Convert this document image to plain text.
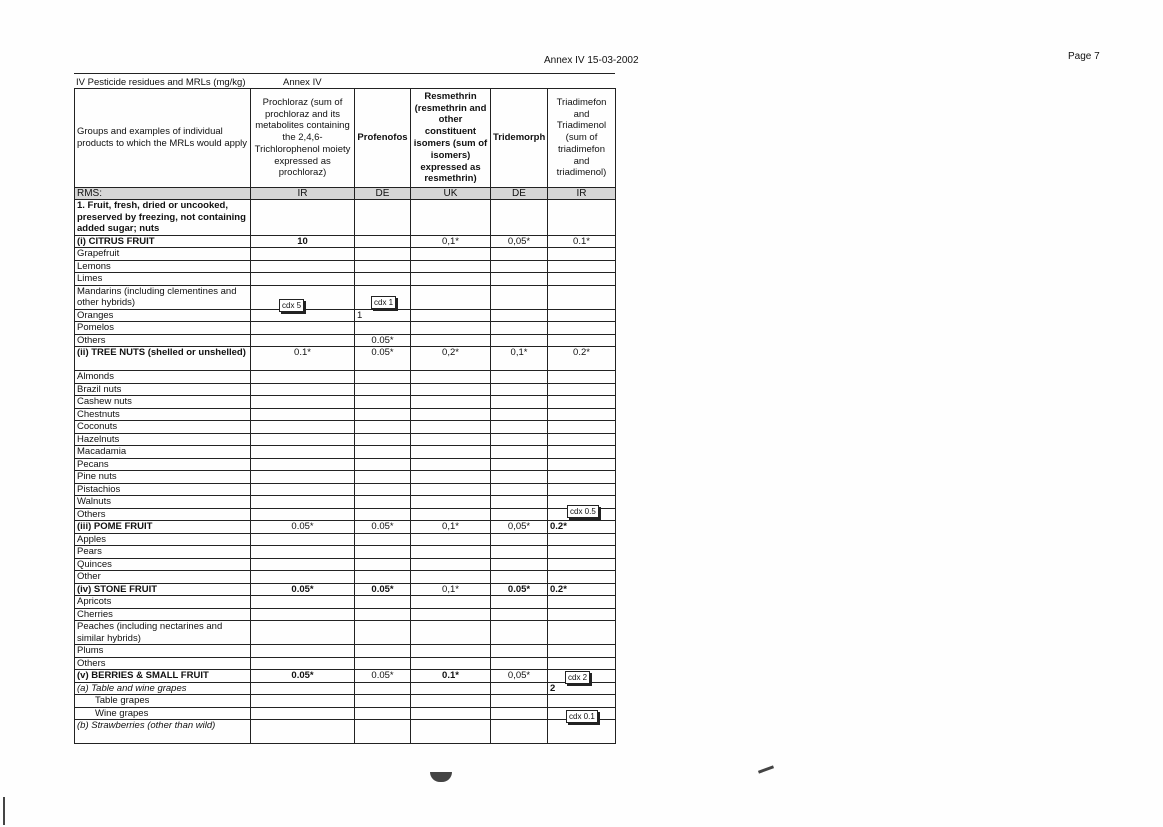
Annex IV 15-03-2002	Page 7
IV Pesticide residues and MRLs (mg/kg)	Annex IV
Groups and examples of individual products to which the MRLs would apply	Prochloraz (sum of prochloraz and its metabolites containing the 2,4,6-Trichlorophenol moiety expressed as prochloraz)	Profenofos	Resmethrin (resmethrin and other constituent isomers (sum of isomers) expressed as resmethrin)	Tridemorph	Triadimefon and Triadimenol (sum of triadimefon and triadimenol)
RMS:	IR	DE	UK	DE	IR
1. Fruit, fresh, dried or uncooked, preserved by freezing, not containing added sugar; nuts					
(i) CITRUS FRUIT	10		0,1*	0,05*	0.1*
Grapefruit					
Lemons					
Limes					
Mandarins (including clementines and other hybrids)					
Oranges		1			
Pomelos					
Others		0.05*			
(ii) TREE NUTS (shelled or unshelled)	0.1*	0.05*	0,2*	0,1*	0.2*
Almonds					
Brazil nuts					
Cashew nuts					
Chestnuts					
Coconuts					
Hazelnuts					
Macadamia					
Pecans					
Pine nuts					
Pistachios					
Walnuts					
Others					
(iii) POME FRUIT	0.05*	0.05*	0,1*	0,05*	0.2*
Apples					
Pears					
Quinces					
Other					
(iv) STONE FRUIT	0.05*	0.05*	0,1*	0.05*	0.2*
Apricots					
Cherries					
Peaches (including nectarines and similar hybrids)					
Plums					
Others					
(v) BERRIES & SMALL FRUIT	0.05*	0.05*	0.1*	0,05*	
(a) Table and wine grapes					2
Table grapes					
Wine grapes					
(b) Strawberries (other than wild)					
cdx 5	cdx 1
cdx 0.5
cdx 2
cdx 0.1
